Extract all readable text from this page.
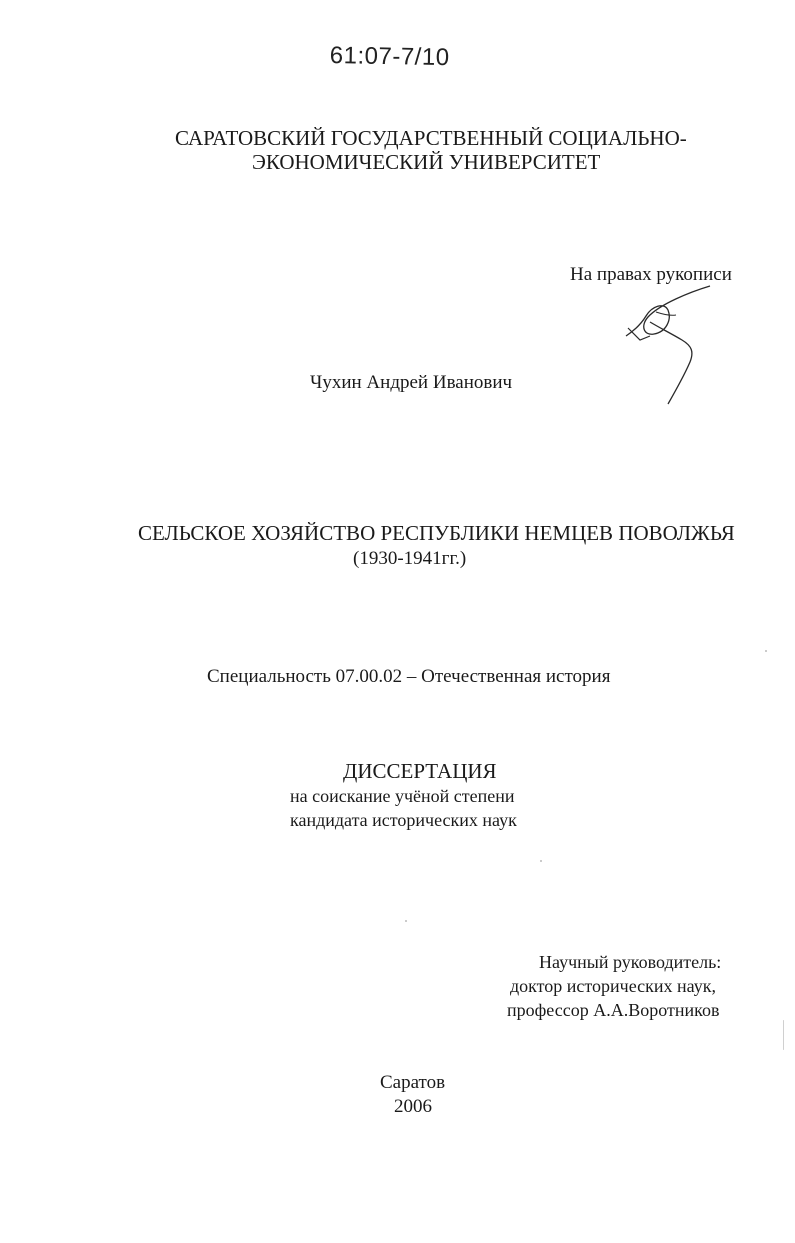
61:07-7/10
САРАТОВСКИЙ ГОСУДАРСТВЕННЫЙ СОЦИАЛЬНО-
ЭКОНОМИЧЕСКИЙ УНИВЕРСИТЕТ
На правах рукописи
Чухин Андрей Иванович
СЕЛЬСКОЕ ХОЗЯЙСТВО РЕСПУБЛИКИ НЕМЦЕВ ПОВОЛЖЬЯ
(1930-1941гг.)
Специальность 07.00.02 – Отечественная история
ДИССЕРТАЦИЯ
на соискание учёной степени
кандидата исторических наук
Научный руководитель:
доктор исторических наук,
профессор А.А.Воротников
Саратов
2006
